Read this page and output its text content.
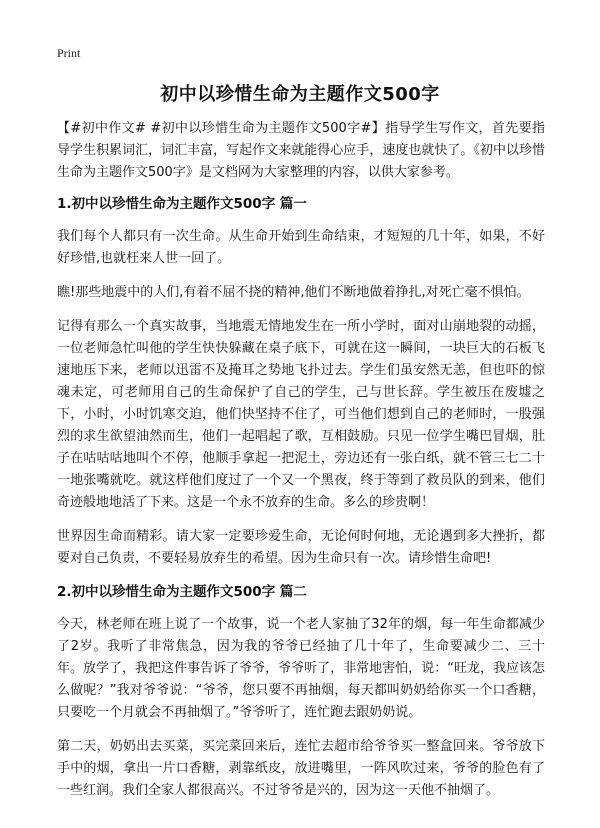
Print
初中以珍惜生命为主题作文500字

【#初中作文# #初中以珍惜生命为主题作文500字#】指导学生写作文，首先要指导学生积累词汇，词汇丰富，写起作文来就能得心应手，速度也就快了。《初中以珍惜生命为主题作文500字》是文档网为大家整理的内容，以供大家参考。

1.初中以珍惜生命为主题作文500字 篇一

我们每个人都只有一次生命。从生命开始到生命结束，才短短的几十年，如果，不好好珍惜,也就枉来人世一回了。

瞧!那些地震中的人们,有着不屈不挠的精神,他们不断地做着挣扎,对死亡毫不惧怕。

记得有那么一个真实故事，当地震无情地发生在一所小学时，面对山崩地裂的动摇，一位老师急忙叫他的学生快快躲藏在桌子底下，可就在这一瞬间，一块巨大的石板飞速地压下来，老师以迅雷不及掩耳之势地飞扑过去。学生们虽安然无恙，但也吓的惊魂未定，可老师用自己的生命保护了自己的学生，己与世长辞。学生被压在废墟之下，小时，小时饥寒交迫，他们快坚持不住了，可当他们想到自己的老师时，一股强烈的求生欲望油然而生，他们一起唱起了歌，互相鼓励。只见一位学生嘴巴冒烟，肚子在咕咕咕地叫个不停，他顺手拿起一把泥土，旁边还有一张白纸，就不管三七二十一地张嘴就吃。就这样他们度过了一个又一个黑夜，终于等到了救员队的到来，他们奇迹般地地活了下来。这是一个永不放弃的生命。多么的珍贵啊！

世界因生命而精彩。请大家一定要珍爱生命，无论何时何地，无论遇到多大挫折，都要对自己负责，不要轻易放弃生的希望。因为生命只有一次。请珍惜生命吧!

2.初中以珍惜生命为主题作文500字 篇二

今天，林老师在班上说了一个故事，说一个老人家抽了32年的烟，每一年生命都减少了2岁。我听了非常焦急，因为我的爷爷已经抽了几十年了，生命要减少二、三十年。放学了，我把这件事告诉了爷爷，爷爷听了，非常地害怕，说：“旺龙，我应该怎么做呢？”我对爷爷说：“爷爷，您只要不再抽烟，每天都叫奶奶给你买一个口香糖，只要吃一个月就会不再抽烟了。”爷爷听了，连忙跑去跟奶奶说。

第二天，奶奶出去买菜，买完菜回来后，连忙去超市给爷爷买一整盒回来。爷爷放下手中的烟，拿出一片口香糖，剥靠纸皮，放进嘴里，一阵风吹过来，爷爷的脸色有了一些红润。我们全家人都很高兴。不过爷爷是兴的，因为这一天他不抽烟了。
